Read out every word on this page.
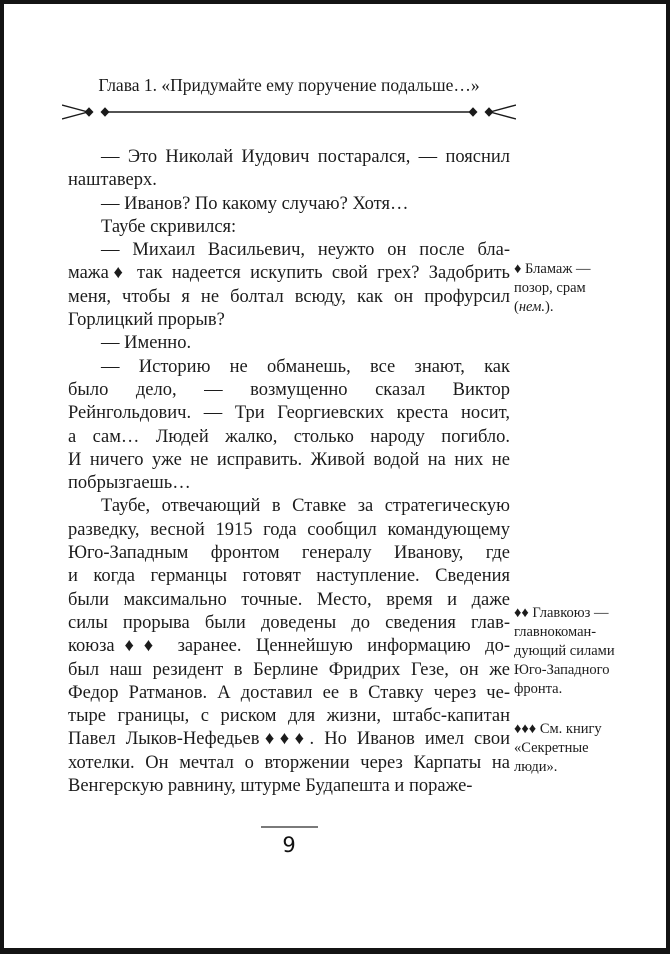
Глава 1. «Придумайте ему поручение подальше…»
— Это Николай Иудович постарался, — пояснил
наштаверх.
— Иванов? По какому случаю? Хотя…
Таубе скривился:
— Михаил Васильевич, неужто он после бла-
мажа♦ так надеется искупить свой грех? Задобрить
меня, чтобы я не болтал всюду, как он профурсил
Горлицкий прорыв?
— Именно.
— Историю не обманешь, все знают, как
было дело, — возмущенно сказал Виктор
Рейнгольдович. — Три Георгиевских креста носит,
а сам… Людей жалко, столько народу погибло.
И ничего уже не исправить. Живой водой на них не
побрызгаешь…
Таубе, отвечающий в Ставке за стратегическую
разведку, весной 1915 года сообщил командующему
Юго-Западным фронтом генералу Иванову, где
и когда германцы готовят наступление. Сведения
были максимально точные. Место, время и даже
силы прорыва были доведены до сведения глав-
коюза♦♦ заранее. Ценнейшую информацию до-
был наш резидент в Берлине Фридрих Гезе, он же
Федор Ратманов. А доставил ее в Ставку через че-
тыре границы, с риском для жизни, штабс-капитан
Павел Лыков-Нефедьев♦♦♦. Но Иванов имел свои
хотелки. Он мечтал о вторжении через Карпаты на
Венгерскую равнину, штурме Будапешта и пораже-
♦ Бламаж —
позор, срам
(нем.).
♦♦ Главкоюз —
главнокоман-
дующий силами
Юго-Западного
фронта.
♦♦♦ См. книгу
«Секретные
люди».
9
